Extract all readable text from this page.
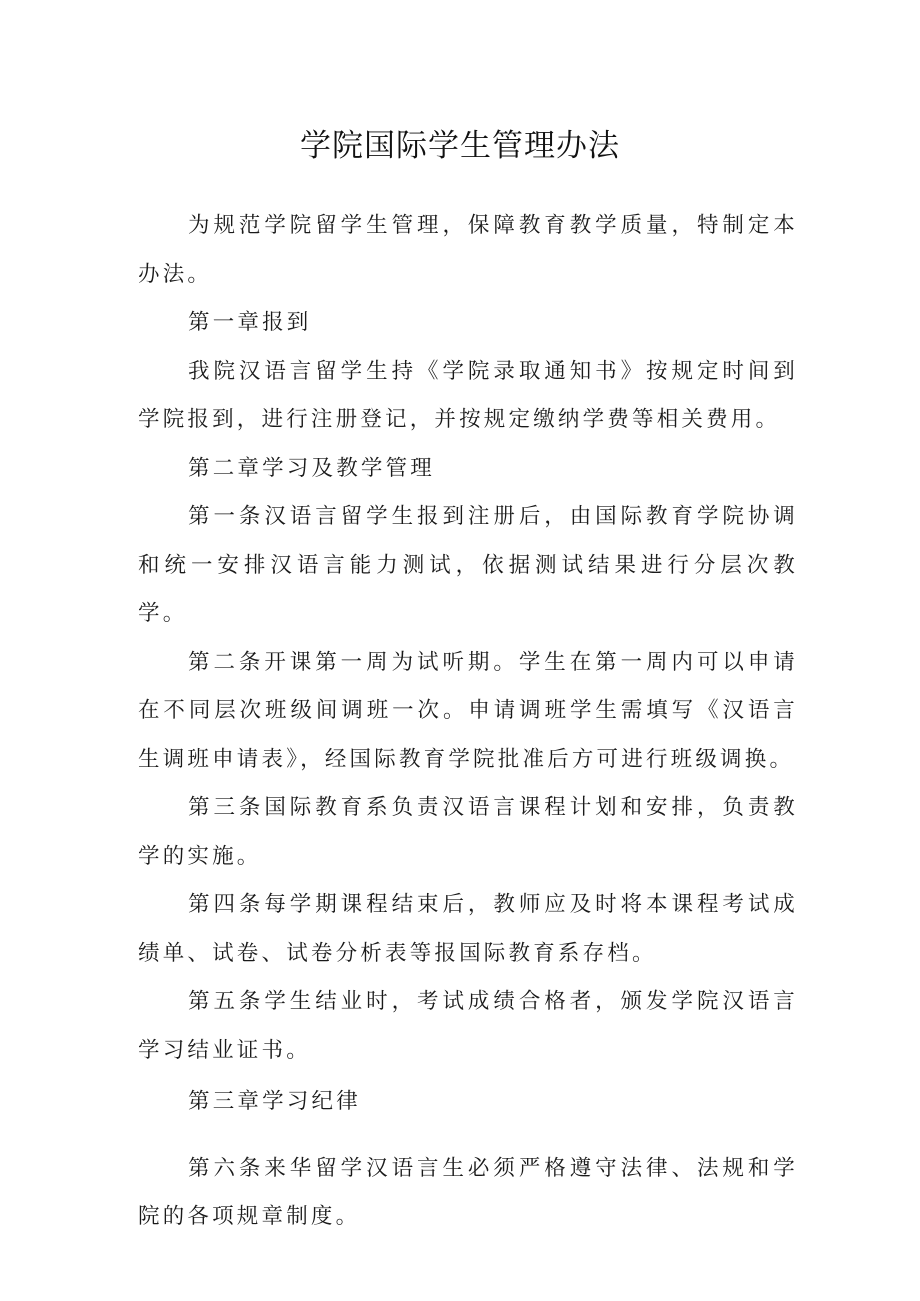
学院国际学生管理办法

为规范学院留学生管理，保障教育教学质量，特制定本办法。

第一章报到

我院汉语言留学生持《学院录取通知书》按规定时间到学院报到，进行注册登记，并按规定缴纳学费等相关费用。

第二章学习及教学管理

第一条汉语言留学生报到注册后，由国际教育学院协调和统一安排汉语言能力测试，依据测试结果进行分层次教学。

第二条开课第一周为试听期。学生在第一周内可以申请在不同层次班级间调班一次。申请调班学生需填写《汉语言生调班申请表》，经国际教育学院批准后方可进行班级调换。

第三条国际教育系负责汉语言课程计划和安排，负责教学的实施。

第四条每学期课程结束后，教师应及时将本课程考试成绩单、试卷、试卷分析表等报国际教育系存档。

第五条学生结业时，考试成绩合格者，颁发学院汉语言学习结业证书。

第三章学习纪律

第六条来华留学汉语言生必须严格遵守法律、法规和学院的各项规章制度。
